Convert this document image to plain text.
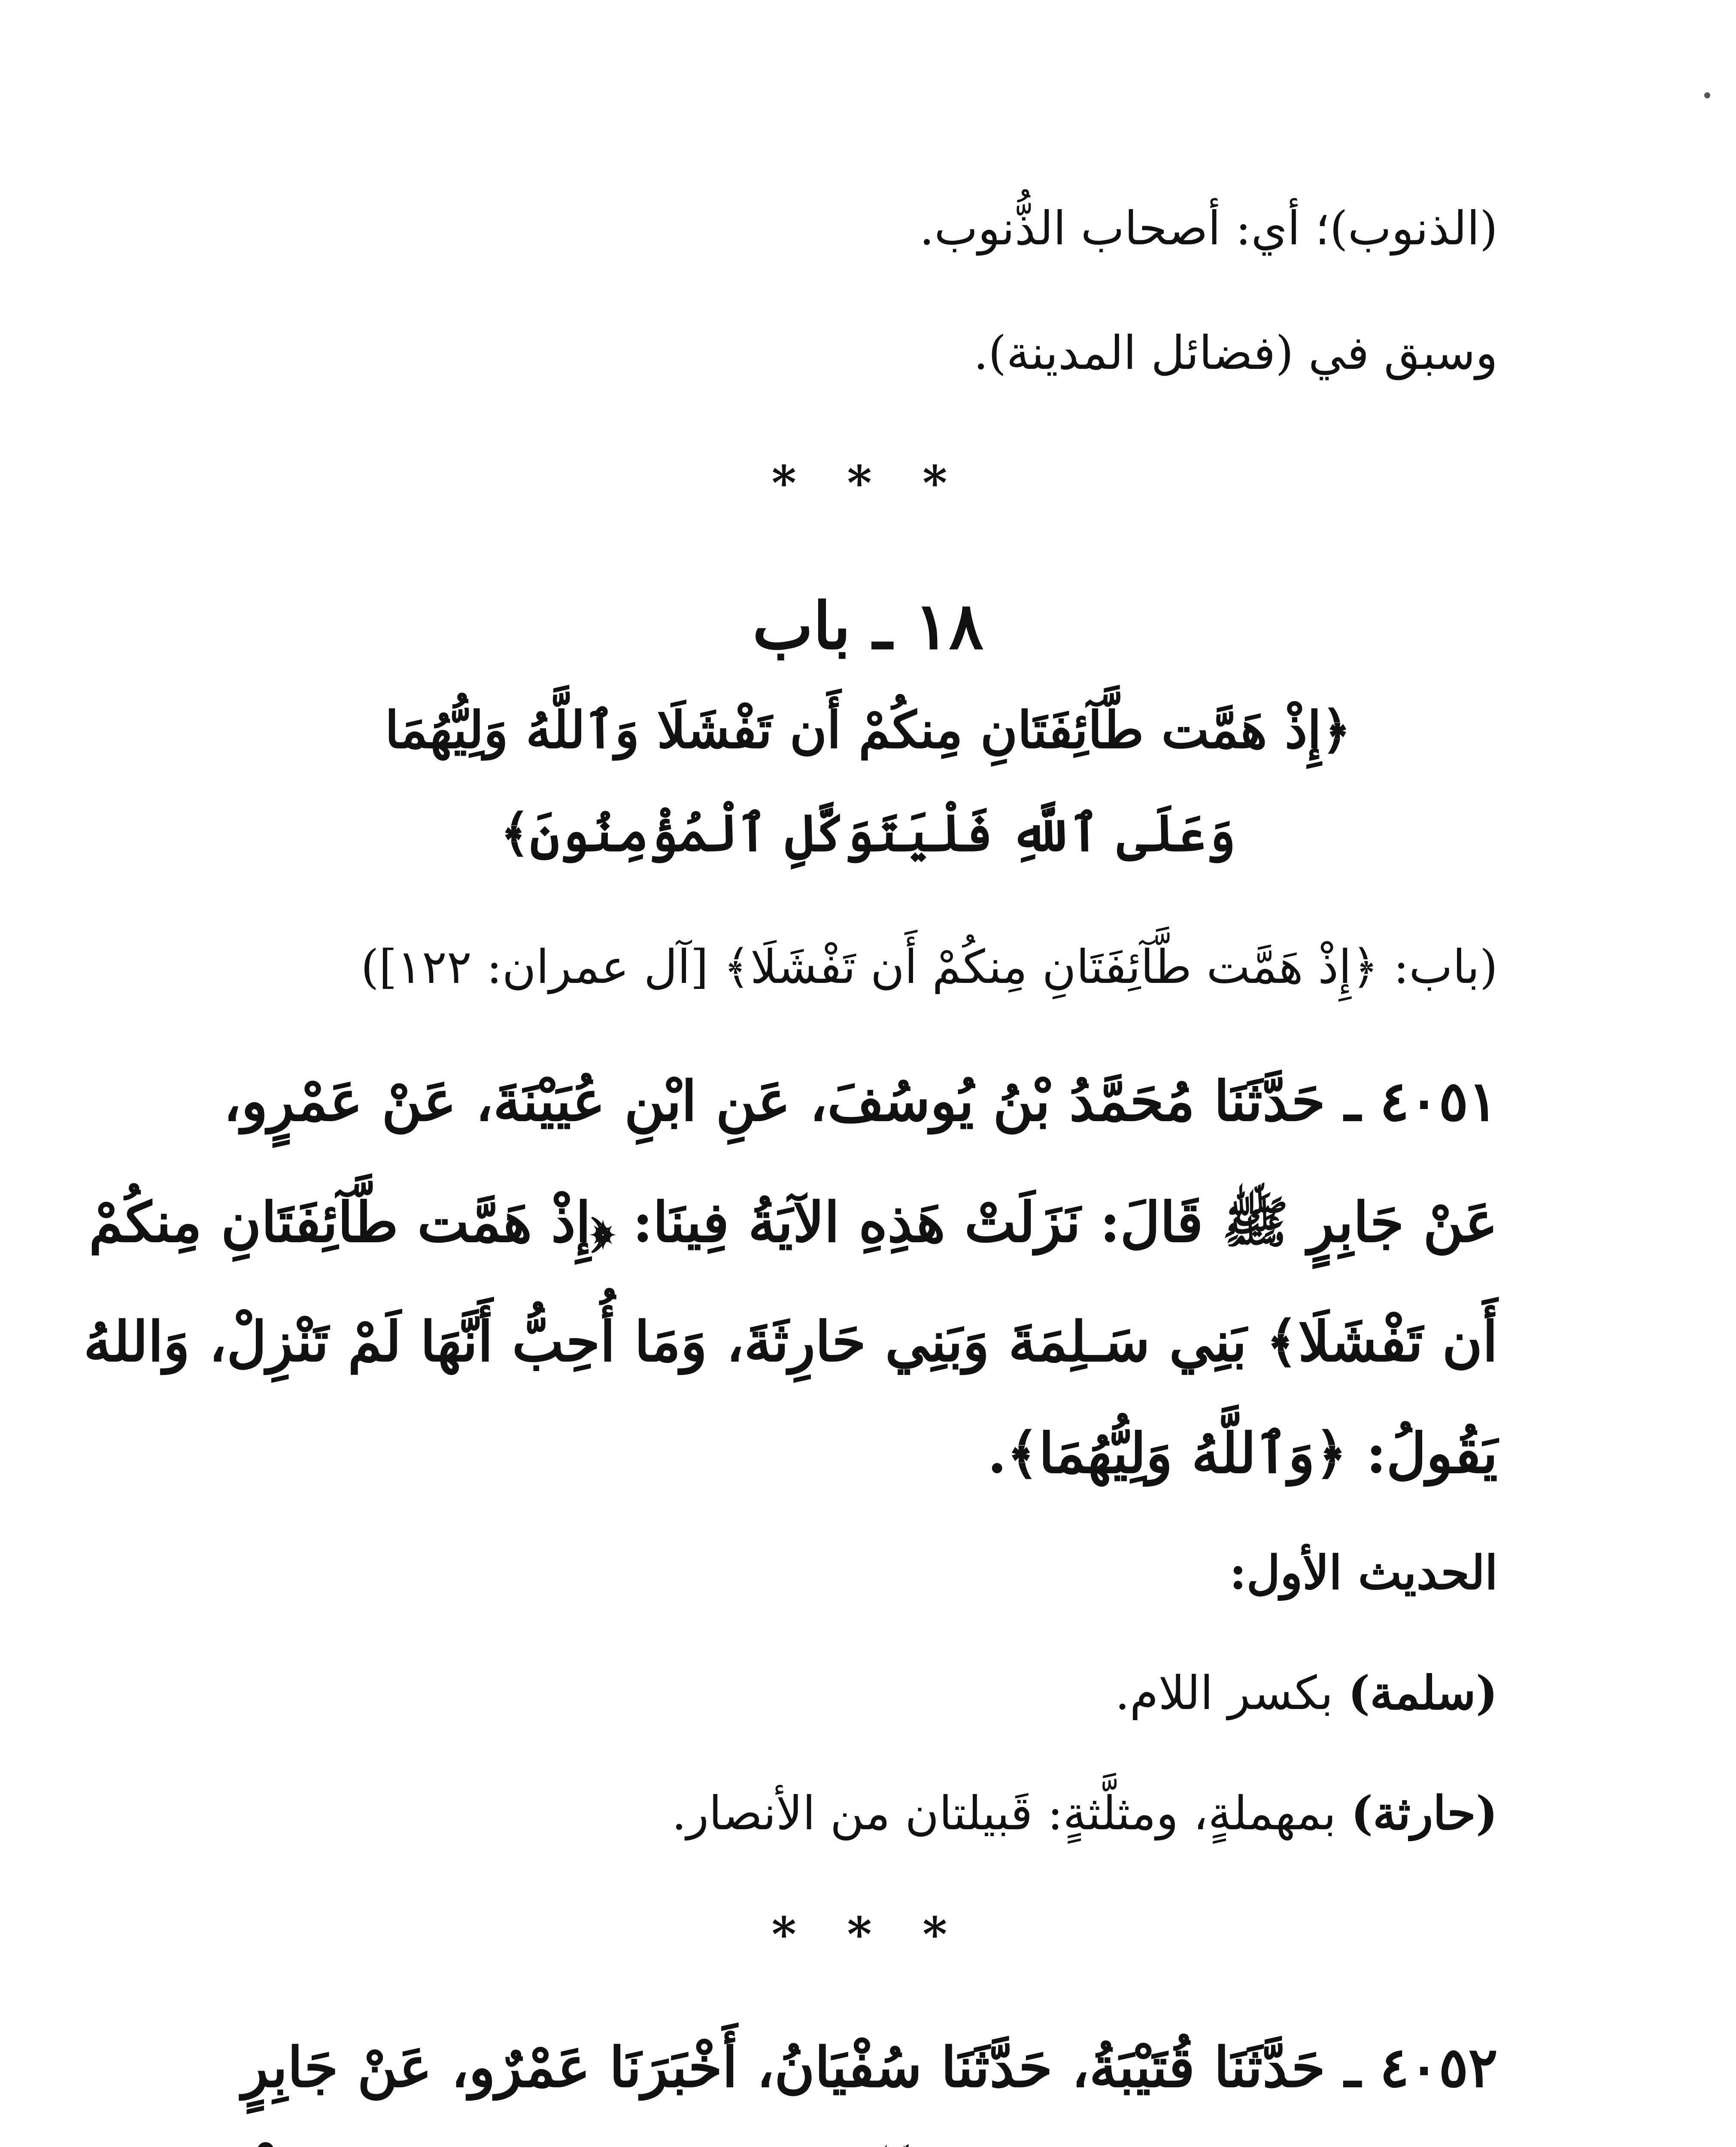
(الذنوب)؛ أي: أصحاب الذُّنوب.
وسبق في (فضائل المدينة).
* * *
١٨ ـ باب
﴿إِذْ هَمَّت طَّآئِفَتَانِ مِنكُمْ أَن تَفْشَلَا وَٱللَّهُ وَلِيُّهُمَا
وَعَلَى ٱللَّهِ فَلْيَتَوَكَّلِ ٱلْمُؤْمِنُونَ﴾
(باب: ﴿إِذْ هَمَّت طَّآئِفَتَانِ مِنكُمْ أَن تَفْشَلَا﴾ [آل عمران: ١٢٢])
٤٠٥١ ـ حَدَّثَنَا مُحَمَّدُ بْنُ يُوسُفَ، عَنِ ابْنِ عُيَيْنَةَ، عَنْ عَمْرٍو،
عَنْ جَابِرٍ ﷺ قَالَ: نَزَلَتْ هَذِهِ الآيَةُ فِينَا: ﴿إِذْ هَمَّت طَّآئِفَتَانِ مِنكُمْ
أَن تَفْشَلَا﴾ بَنِي سَـلِمَةَ وَبَنِي حَارِثَةَ، وَمَا أُحِبُّ أَنَّهَا لَمْ تَنْزِلْ، وَاللهُ
يَقُولُ: ﴿وَٱللَّهُ وَلِيُّهُمَا﴾.
الحديث الأول:
(سلمة) بكسر اللام.
(حارثة) بمهملةٍ، ومثلَّثةٍ: قَبيلتان من الأنصار.
* * *
٤٠٥٢ ـ حَدَّثَنَا قُتَيْبَةُ، حَدَّثَنَا سُفْيَانُ، أَخْبَرَنَا عَمْرٌو، عَنْ جَابِرٍ
